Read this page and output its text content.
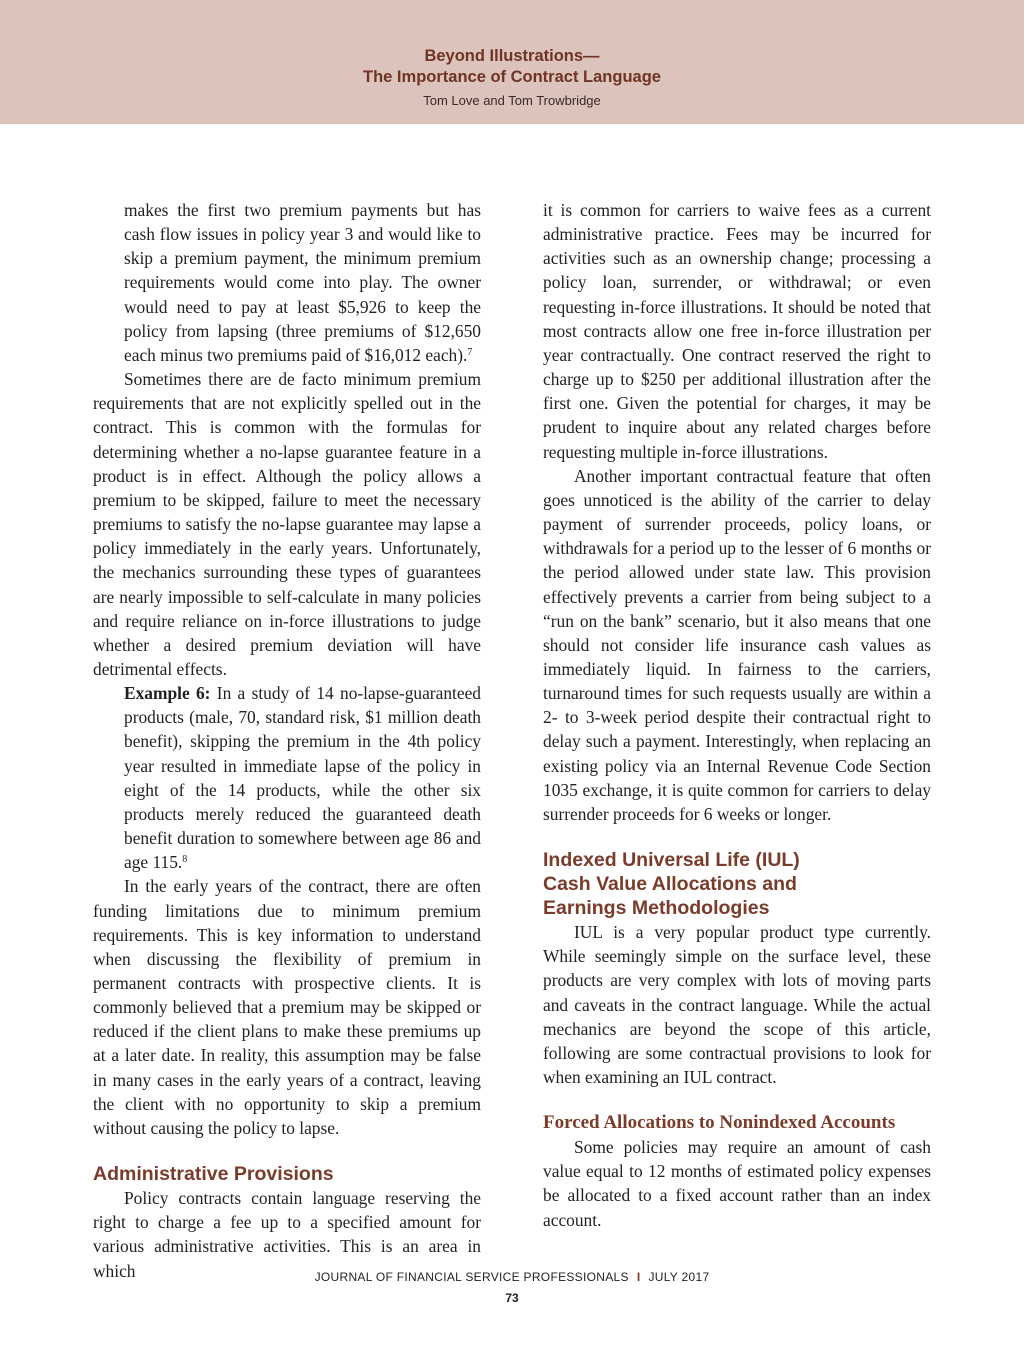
Beyond Illustrations—
The Importance of Contract Language
Tom Love and Tom Trowbridge

makes the first two premium payments but has cash flow issues in policy year 3 and would like to skip a premium payment, the minimum premium requirements would come into play. The owner would need to pay at least $5,926 to keep the policy from lapsing (three premiums of $12,650 each minus two premiums paid of $16,012 each).$^7$

Sometimes there are de facto minimum premium requirements that are not explicitly spelled out in the contract. This is common with the formulas for determining whether a no-lapse guarantee feature in a product is in effect. Although the policy allows a premium to be skipped, failure to meet the necessary premiums to satisfy the no-lapse guarantee may lapse a policy immediately in the early years. Unfortunately, the mechanics surrounding these types of guarantees are nearly impossible to self-calculate in many policies and require reliance on in-force illustrations to judge whether a desired premium deviation will have detrimental effects.

Example 6: In a study of 14 no-lapse-guaranteed products (male, 70, standard risk, $1 million death benefit), skipping the premium in the 4th policy year resulted in immediate lapse of the policy in eight of the 14 products, while the other six products merely reduced the guaranteed death benefit duration to somewhere between age 86 and age 115.$^8$

In the early years of the contract, there are often funding limitations due to minimum premium requirements. This is key information to understand when discussing the flexibility of premium in permanent contracts with prospective clients. It is commonly believed that a premium may be skipped or reduced if the client plans to make these premiums up at a later date. In reality, this assumption may be false in many cases in the early years of a contract, leaving the client with no opportunity to skip a premium without causing the policy to lapse.

Administrative Provisions

Policy contracts contain language reserving the right to charge a fee up to a specified amount for various administrative activities. This is an area in which

it is common for carriers to waive fees as a current administrative practice. Fees may be incurred for activities such as an ownership change; processing a policy loan, surrender, or withdrawal; or even requesting in-force illustrations. It should be noted that most contracts allow one free in-force illustration per year contractually. One contract reserved the right to charge up to $250 per additional illustration after the first one. Given the potential for charges, it may be prudent to inquire about any related charges before requesting multiple in-force illustrations.

Another important contractual feature that often goes unnoticed is the ability of the carrier to delay payment of surrender proceeds, policy loans, or withdrawals for a period up to the lesser of 6 months or the period allowed under state law. This provision effectively prevents a carrier from being subject to a “run on the bank” scenario, but it also means that one should not consider life insurance cash values as immediately liquid. In fairness to the carriers, turnaround times for such requests usually are within a 2- to 3-week period despite their contractual right to delay such a payment. Interestingly, when replacing an existing policy via an Internal Revenue Code Section 1035 exchange, it is quite common for carriers to delay surrender proceeds for 6 weeks or longer.

Indexed Universal Life (IUL)
Cash Value Allocations and
Earnings Methodologies

IUL is a very popular product type currently. While seemingly simple on the surface level, these products are very complex with lots of moving parts and caveats in the contract language. While the actual mechanics are beyond the scope of this article, following are some contractual provisions to look for when examining an IUL contract.

Forced Allocations to Nonindexed Accounts

Some policies may require an amount of cash value equal to 12 months of estimated policy expenses be allocated to a fixed account rather than an index account.

JOURNAL OF FINANCIAL SERVICE PROFESSIONALS I JULY 2017
73
